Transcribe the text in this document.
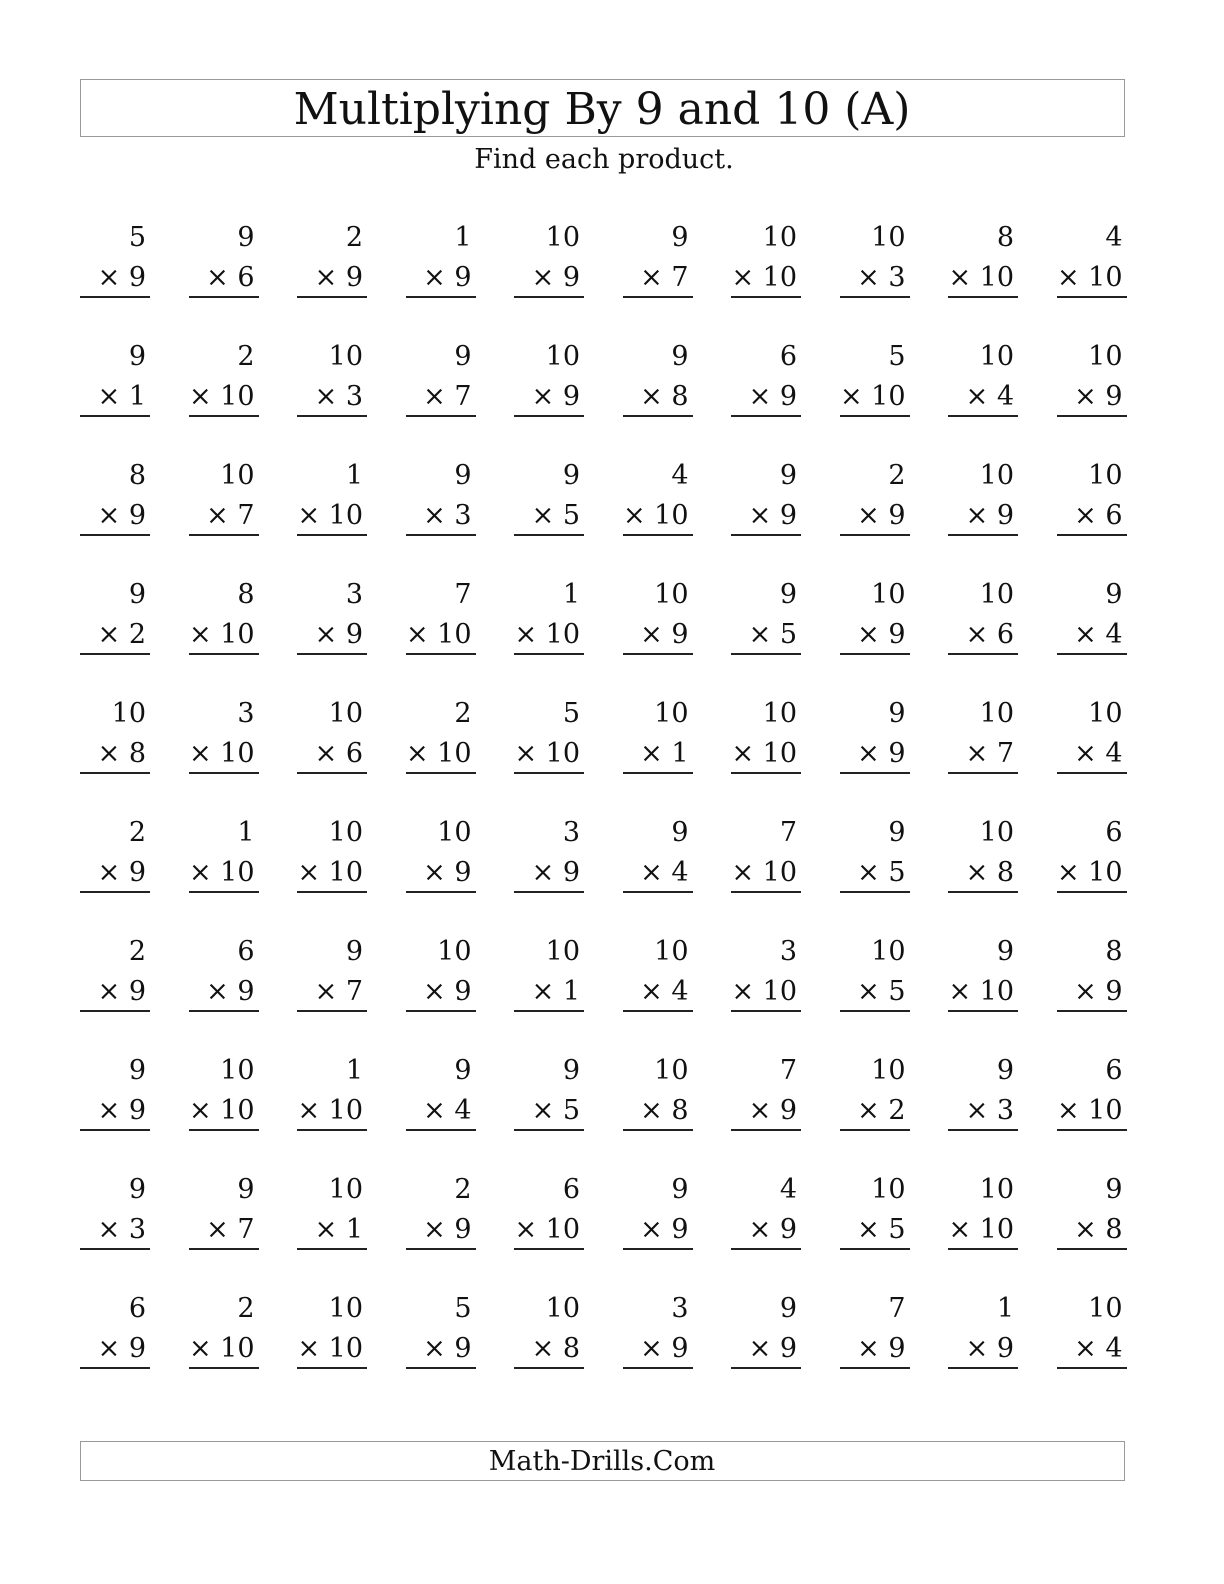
Multiplying By 9 and 10 (A)
Find each product.
5
× 9
9
× 6
2
× 9
1
× 9
10
× 9
9
× 7
10
× 10
10
× 3
8
× 10
4
× 10
9
× 1
2
× 10
10
× 3
9
× 7
10
× 9
9
× 8
6
× 9
5
× 10
10
× 4
10
× 9
8
× 9
10
× 7
1
× 10
9
× 3
9
× 5
4
× 10
9
× 9
2
× 9
10
× 9
10
× 6
9
× 2
8
× 10
3
× 9
7
× 10
1
× 10
10
× 9
9
× 5
10
× 9
10
× 6
9
× 4
10
× 8
3
× 10
10
× 6
2
× 10
5
× 10
10
× 1
10
× 10
9
× 9
10
× 7
10
× 4
2
× 9
1
× 10
10
× 10
10
× 9
3
× 9
9
× 4
7
× 10
9
× 5
10
× 8
6
× 10
2
× 9
6
× 9
9
× 7
10
× 9
10
× 1
10
× 4
3
× 10
10
× 5
9
× 10
8
× 9
9
× 9
10
× 10
1
× 10
9
× 4
9
× 5
10
× 8
7
× 9
10
× 2
9
× 3
6
× 10
9
× 3
9
× 7
10
× 1
2
× 9
6
× 10
9
× 9
4
× 9
10
× 5
10
× 10
9
× 8
6
× 9
2
× 10
10
× 10
5
× 9
10
× 8
3
× 9
9
× 9
7
× 9
1
× 9
10
× 4
Math-Drills.Com
